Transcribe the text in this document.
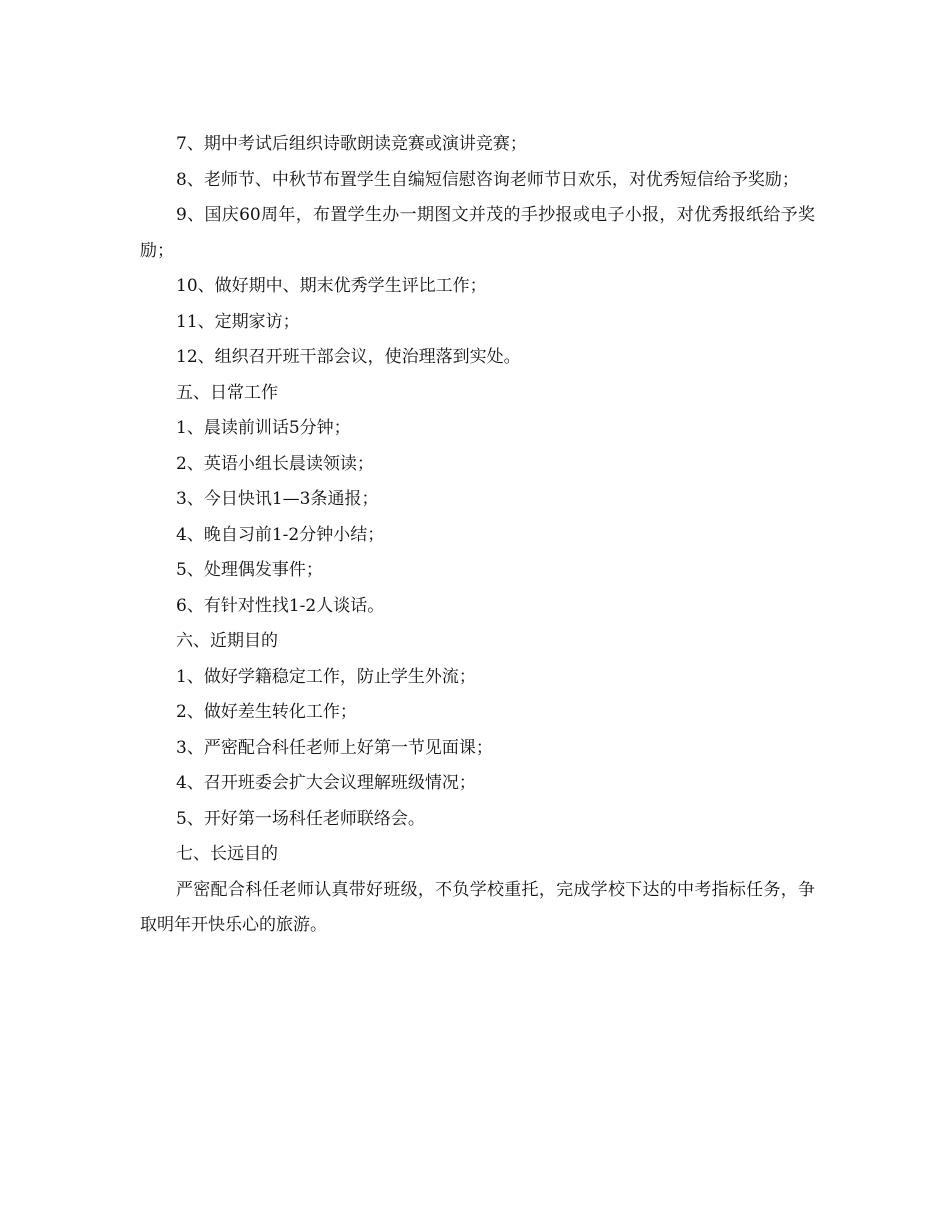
7、期中考试后组织诗歌朗读竞赛或演讲竞赛；

8、老师节、中秋节布置学生自编短信慰咨询老师节日欢乐，对优秀短信给予奖励；

9、国庆60周年，布置学生办一期图文并茂的手抄报或电子小报，对优秀报纸给予奖励；

10、做好期中、期末优秀学生评比工作；

11、定期家访；

12、组织召开班干部会议，使治理落到实处。

五、日常工作

1、晨读前训话5分钟；

2、英语小组长晨读领读；

3、今日快讯1—3条通报；

4、晚自习前1-2分钟小结；

5、处理偶发事件；

6、有针对性找1-2人谈话。

六、近期目的

1、做好学籍稳定工作，防止学生外流；

2、做好差生转化工作；

3、严密配合科任老师上好第一节见面课；

4、召开班委会扩大会议理解班级情况；

5、开好第一场科任老师联络会。

七、长远目的

严密配合科任老师认真带好班级，不负学校重托，完成学校下达的中考指标任务，争取明年开快乐心的旅游。
